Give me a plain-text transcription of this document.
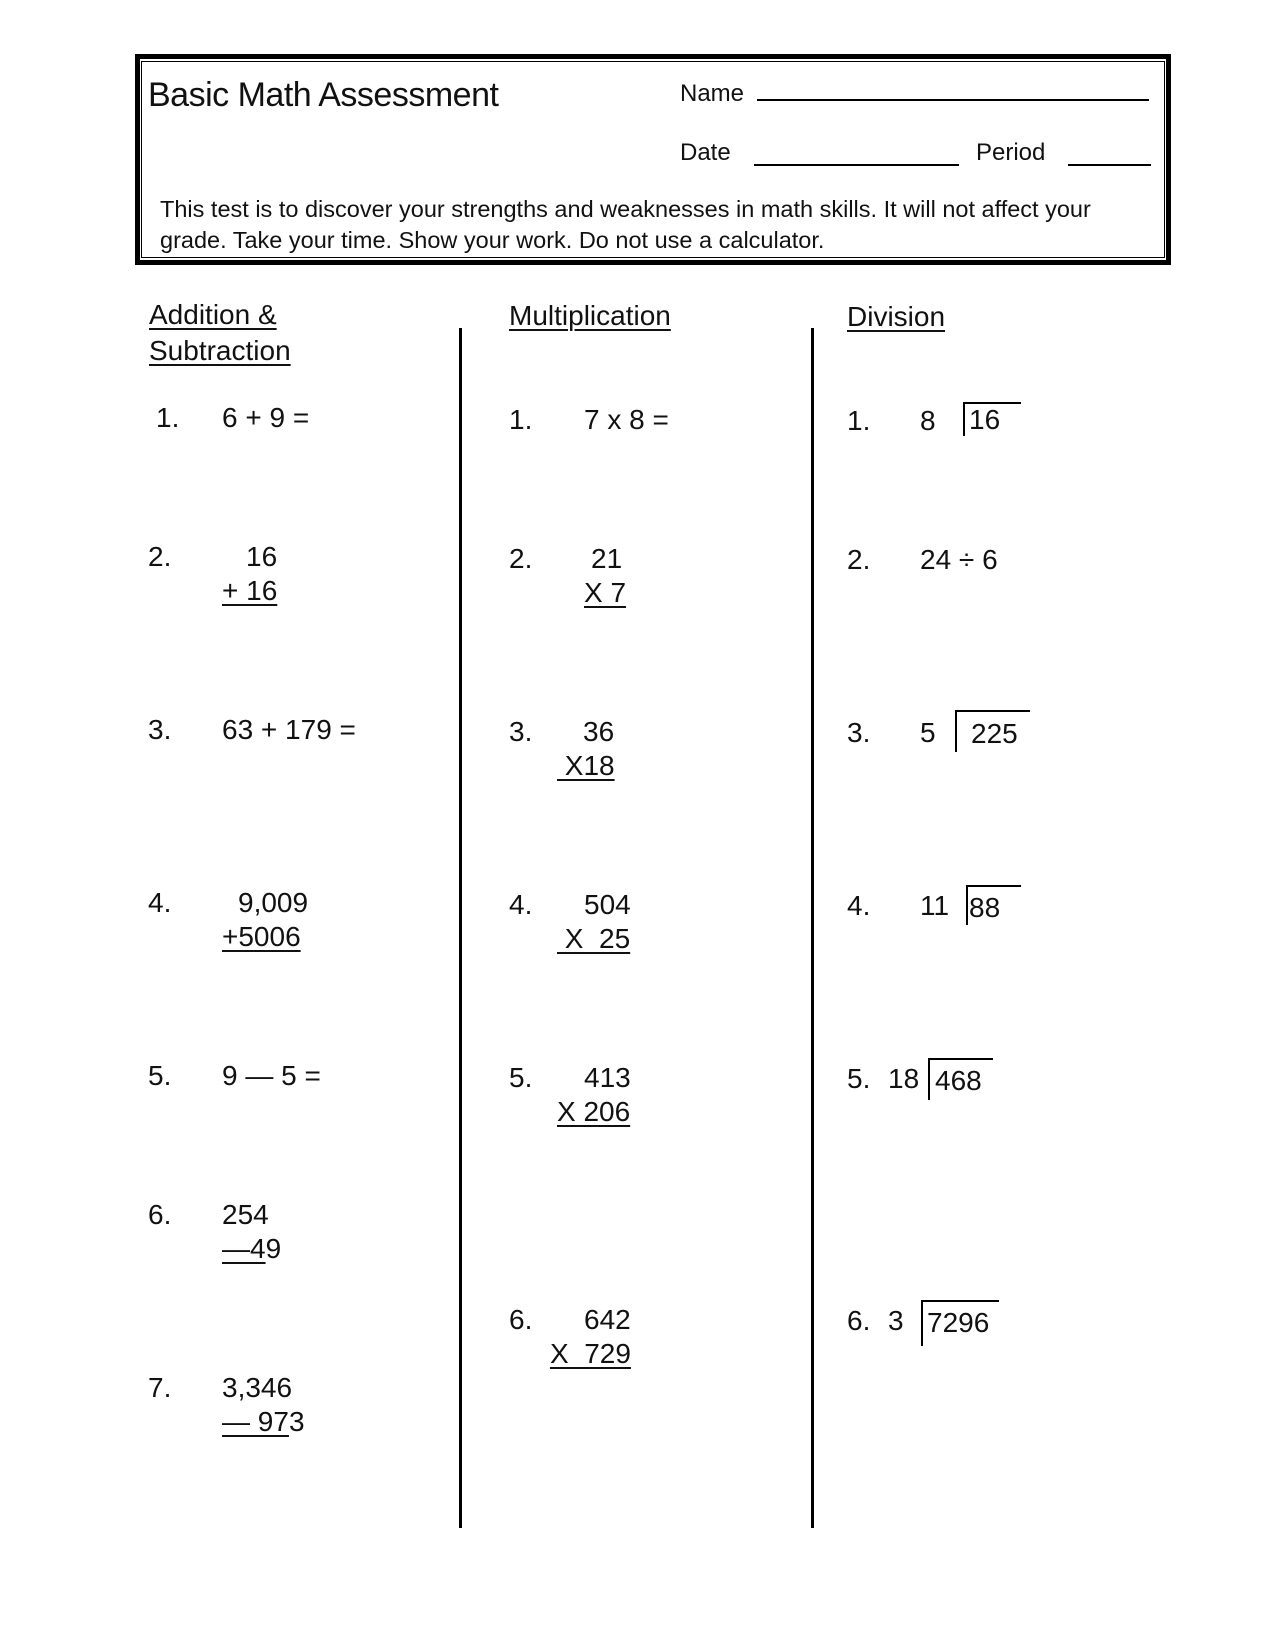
Basic Math Assessment	Name
Date	Period
This test is to discover your strengths and weaknesses in math skills. It will not affect your
grade. Take your time. Show your work. Do not use a calculator.
Addition &
Subtraction
1. 6 + 9 =
2.	16
+ 16
3. 63 + 179 =
4. 9,009
+5006
5. 9 — 5 =
6. 254
—49
7. 3,346
— 973
Multiplication
1. 7 x 8 =
2. 21
X 7
3. 36
X18
4. 504
X  25
5. 413
X 206
6. 642
X  729
Division
1. 8 16
2. 24 ÷ 6
3. 5	225
4. 11 88
5. 18 468
6. 3 7296
